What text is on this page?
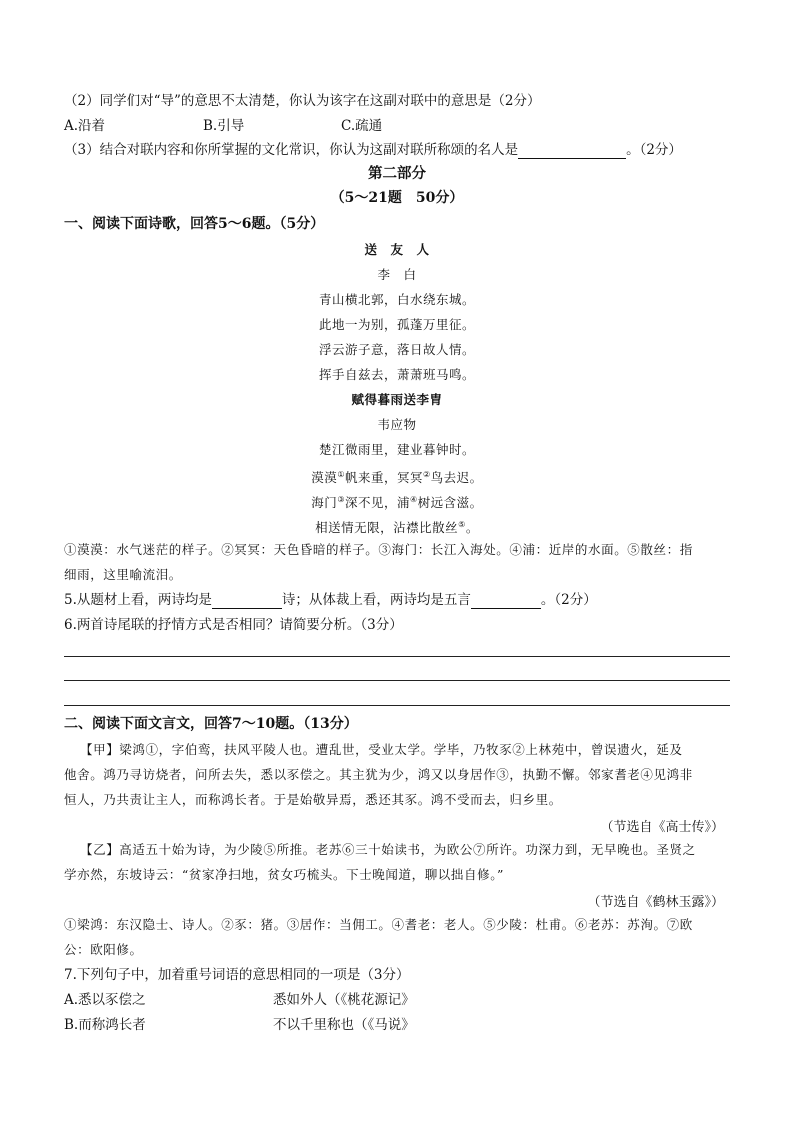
（2）同学们对“导”的意思不太清楚，你认为该字在这副对联中的意思是（2分）
A.沿着	B.引导	C.疏通
（3）结合对联内容和你所掌握的文化常识，你认为这副对联所称颂的名人是	。（2分）
第二部分
（5～21题　50分）
一、阅读下面诗歌，回答5～6题。（5分）
送　友　人
李　白
青山横北郭，白水绕东城。
此地一为别，孤蓬万里征。
浮云游子意，落日故人情。
挥手自兹去，萧萧班马鸣。
赋得暮雨送李胄
韦应物
楚江微雨里，建业暮钟时。
漠漠①帆来重，冥冥②鸟去迟。
海门③深不见，浦④树远含滋。
相送情无限，沾襟比散丝⑤。
①漠漠：水气迷茫的样子。②冥冥：天色昏暗的样子。③海门：长江入海处。④浦：近岸的水面。⑤散丝：指
细雨，这里喻流泪。
5.从题材上看，两诗均是	诗；从体裁上看，两诗均是五言	。（2分）
6.两首诗尾联的抒情方式是否相同？请简要分析。（3分）
二、阅读下面文言文，回答7～10题。（13分）
【甲】梁鸿①，字伯鸾，扶风平陵人也。遭乱世，受业太学。学毕，乃牧豕②上林苑中，曾误遗火，延及
他舍。鸿乃寻访烧者，问所去失，悉以豕偿之。其主犹为少，鸿又以身居作③，执勤不懈。邻家耆老④见鸿非
恒人，乃共责让主人，而称鸿长者。于是始敬异焉，悉还其豕。鸿不受而去，归乡里。
（节选自《高士传》）
【乙】高适五十始为诗，为少陵⑤所推。老苏⑥三十始读书，为欧公⑦所许。功深力到，无早晚也。圣贤之
学亦然，东坡诗云：“贫家净扫地，贫女巧梳头。下士晚闻道，聊以拙自修。”
（节选自《鹤林玉露》）
①梁鸿：东汉隐士、诗人。②豕：猪。③居作：当佣工。④耆老：老人。⑤少陵：杜甫。⑥老苏：苏洵。⑦欧
公：欧阳修。
7.下列句子中，加着重号词语的意思相同的一项是（3分）
A.悉以豕偿之	悉如外人（《桃花源记》
B.而称鸿长者	不以千里称也（《马说》
